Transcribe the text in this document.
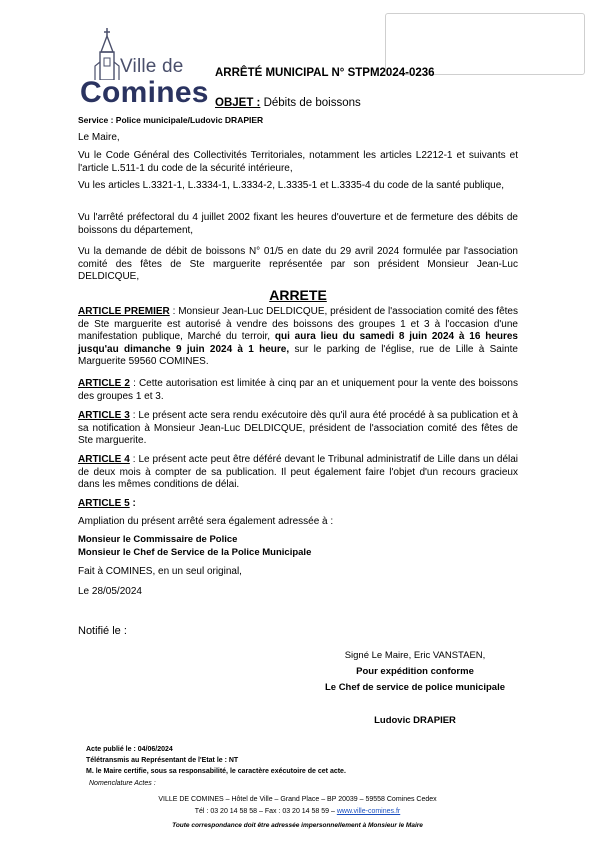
Ville de
Comines
ARRÊTÉ MUNICIPAL N° STPM2024-0236
OBJET : Débits de boissons
Service : Police municipale/Ludovic DRAPIER
Le Maire,
Vu le Code Général des Collectivités Territoriales, notamment les articles L2212-1 et suivants et l'article L.511-1 du code de la sécurité intérieure,
Vu les articles L.3321-1, L.3334-1, L.3334-2, L.3335-1 et L.3335-4 du code de la santé publique,
Vu l'arrêté préfectoral du 4 juillet 2002 fixant les heures d'ouverture et de fermeture des débits de boissons du département,
Vu la demande de débit de boissons N° 01/5 en date du 29 avril 2024 formulée par l'association comité des fêtes de Ste marguerite représentée par son président Monsieur Jean-Luc DELDICQUE,
ARRETE
ARTICLE PREMIER : Monsieur Jean-Luc DELDICQUE, président de l'association comité des fêtes de Ste marguerite est autorisé à vendre des boissons des groupes 1 et 3 à l'occasion d'une manifestation publique, Marché du terroir, qui aura lieu du samedi 8 juin 2024 à 16 heures jusqu'au dimanche 9 juin 2024 à 1 heure, sur le parking de l'église, rue de Lille à Sainte Marguerite 59560 COMINES.
ARTICLE 2 : Cette autorisation est limitée à cinq par an et uniquement pour la vente des boissons des groupes 1 et 3.
ARTICLE 3 : Le présent acte sera rendu exécutoire dès qu'il aura été procédé à sa publication et à sa notification à Monsieur Jean-Luc DELDICQUE, président de l'association comité des fêtes de Ste marguerite.
ARTICLE 4 : Le présent acte peut être déféré devant le Tribunal administratif de Lille dans un délai de deux mois à compter de sa publication. Il peut également faire l'objet d'un recours gracieux dans les mêmes conditions de délai.
ARTICLE 5 :
Ampliation du présent arrêté sera également adressée à :
Monsieur le Commissaire de Police
Monsieur le Chef de Service de la Police Municipale
Fait à COMINES, en un seul original,
Le 28/05/2024
Notifié le :
Signé Le Maire, Eric VANSTAEN,
Pour expédition conforme
Le Chef de service de police municipale
Ludovic DRAPIER
Acte publié le : 04/06/2024
Télétransmis au Représentant de l'Etat le : NT
M. le Maire certifie, sous sa responsabilité, le caractère exécutoire de cet acte.
Nomenclature Actes :
VILLE DE COMINES – Hôtel de Ville – Grand Place – BP 20039 – 59558 Comines Cedex
Tél : 03 20 14 58 58 – Fax : 03 20 14 58 59 – www.ville-comines.fr
Toute correspondance doit être adressée impersonnellement à Monsieur le Maire
